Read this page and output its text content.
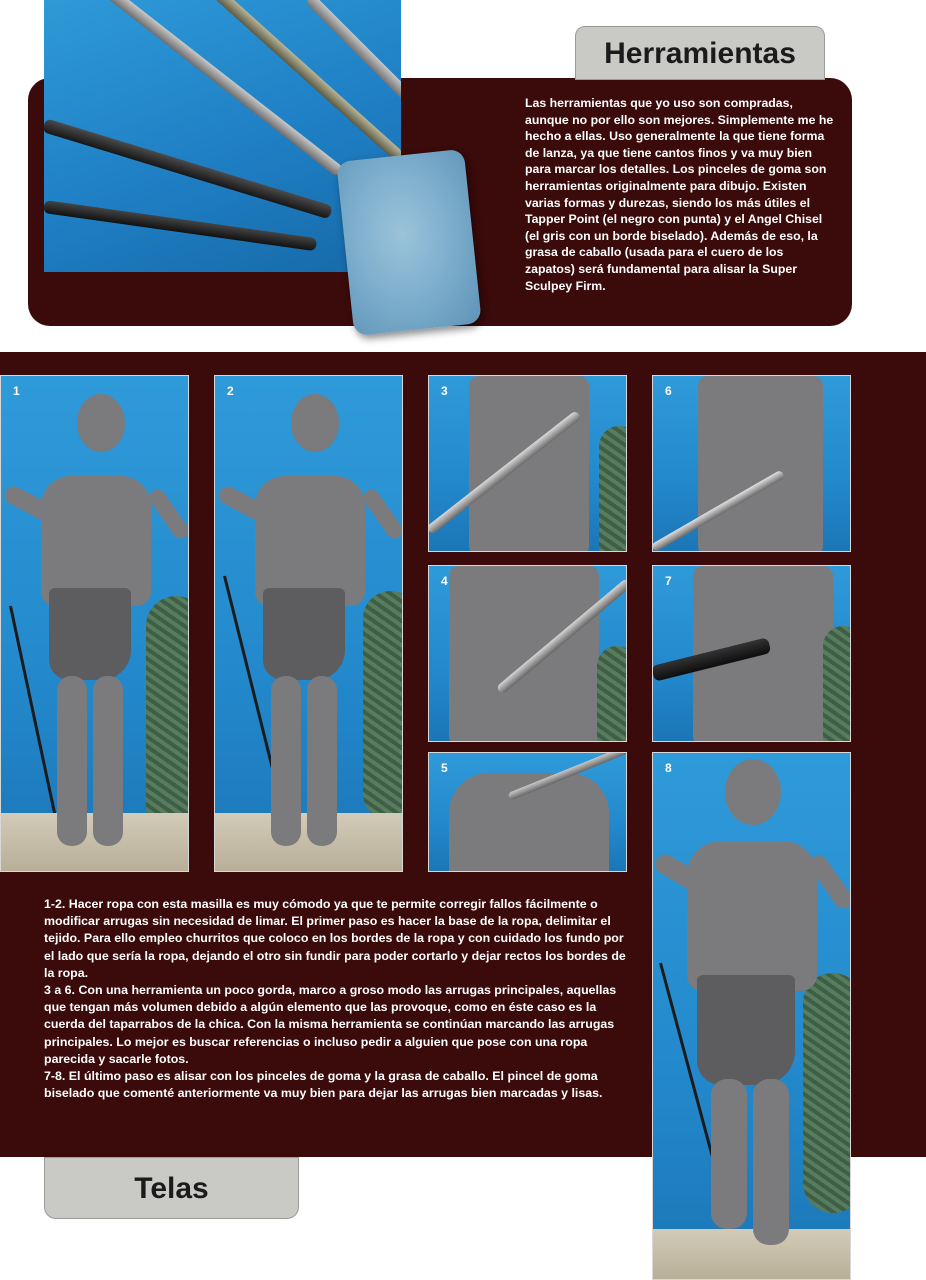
Herramientas
Las herramientas que yo uso son compradas, aunque no por ello son mejores. Simplemente me he hecho a ellas. Uso generalmente la que tiene forma de lanza, ya que tiene cantos finos y va muy bien para marcar los detalles. Los pinceles de goma son herramientas originalmente para dibujo. Existen varias formas y durezas, siendo los más útiles el Tapper Point (el negro con punta) y el Angel Chisel (el gris con un borde biselado). Además de eso, la grasa de caballo (usada para el cuero de los zapatos) será fundamental para alisar la Super Sculpey Firm.
1	2	3	6
4	7
5	8

1-2. Hacer ropa con esta masilla es muy cómodo ya que te permite corregir fallos fácilmente o modificar arrugas sin necesidad de limar. El primer paso es hacer la base de la ropa, delimitar el tejido. Para ello empleo churritos que coloco en los bordes de la ropa y con cuidado los fundo por el lado que sería la ropa, dejando el otro sin fundir para poder cortarlo y dejar rectos los bordes de la ropa.

3 a 6. Con una herramienta un poco gorda, marco a groso modo las arrugas principales, aquellas que tengan más volumen debido a algún elemento que las provoque, como en éste caso es la cuerda del taparrabos de la chica. Con la misma herramienta se continúan marcando las arrugas principales. Lo mejor es buscar referencias o incluso pedir a alguien que pose con una ropa parecida y sacarle fotos.

7-8. El último paso es alisar con los pinceles de goma y la grasa de caballo. El pincel de goma biselado que comenté anteriormente va muy bien para dejar las arrugas bien marcadas y lisas.

Telas
